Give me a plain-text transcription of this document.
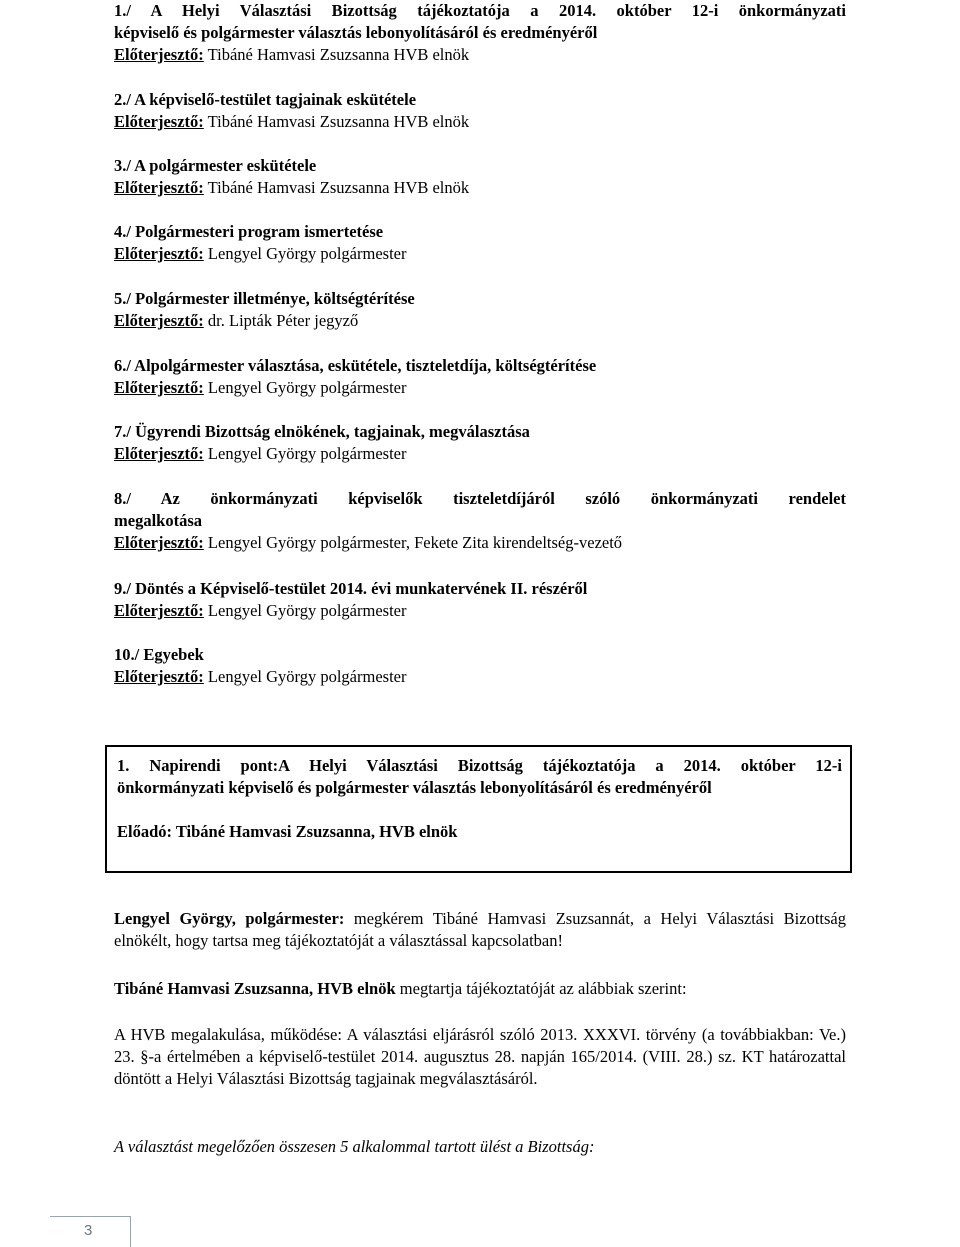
1./ A Helyi Választási Bizottság tájékoztatója a 2014. október 12-i önkormányzati
képviselő és polgármester választás lebonyolításáról és eredményéről
Előterjesztő: Tibáné Hamvasi Zsuzsanna HVB elnök
2./ A képviselő-testület tagjainak eskütétele
Előterjesztő: Tibáné Hamvasi Zsuzsanna HVB elnök
3./ A polgármester eskütétele
Előterjesztő: Tibáné Hamvasi Zsuzsanna HVB elnök
4./ Polgármesteri program ismertetése
Előterjesztő: Lengyel György polgármester
5./ Polgármester illetménye, költségtérítése
Előterjesztő: dr. Lipták Péter jegyző
6./ Alpolgármester választása, eskütétele, tiszteletdíja, költségtérítése
Előterjesztő: Lengyel György polgármester
7./ Ügyrendi Bizottság elnökének, tagjainak, megválasztása
Előterjesztő: Lengyel György polgármester
8./ Az önkormányzati képviselők tiszteletdíjáról szóló önkormányzati rendelet
megalkotása
Előterjesztő: Lengyel György polgármester, Fekete Zita kirendeltség-vezető
9./ Döntés a Képviselő-testület 2014. évi munkatervének II. részéről
Előterjesztő: Lengyel György polgármester
10./ Egyebek
Előterjesztő: Lengyel György polgármester
1. Napirendi pont:A Helyi Választási Bizottság tájékoztatója a 2014. október 12-i
önkormányzati képviselő és polgármester választás lebonyolításáról és eredményéről
Előadó: Tibáné Hamvasi Zsuzsanna, HVB elnök
Lengyel György, polgármester: megkérem Tibáné Hamvasi Zsuzsannát, a Helyi Választási Bizottság elnökélt, hogy tartsa meg tájékoztatóját a választással kapcsolatban!
Tibáné Hamvasi Zsuzsanna, HVB elnök megtartja tájékoztatóját az alábbiak szerint:
A HVB megalakulása, működése: A választási eljárásról szóló 2013. XXXVI. törvény (a továbbiakban: Ve.) 23. §-a értelmében a képviselő-testület 2014. augusztus 28. napján 165/2014. (VIII. 28.) sz. KT határozattal döntött a Helyi Választási Bizottság tagjainak megválasztásáról.
A választást megelőzően összesen 5 alkalommal tartott ülést a Bizottság:
3
